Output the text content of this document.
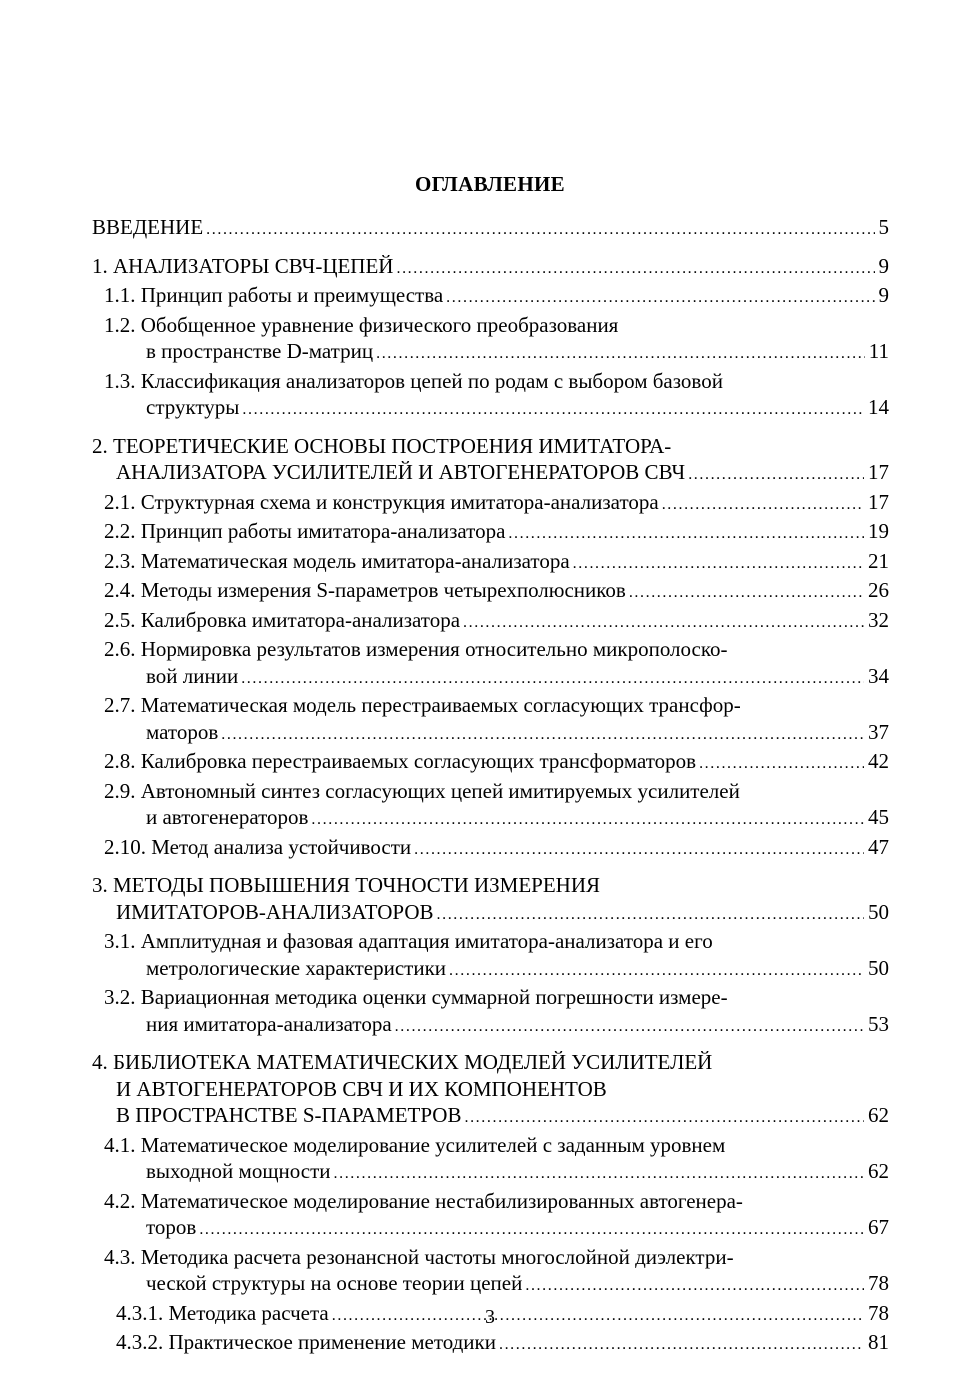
ОГЛАВЛЕНИЕ
ВВЕДЕНИЕ .....	5
1. АНАЛИЗАТОРЫ СВЧ-ЦЕПЕЙ .....	9
1.1. Принцип работы и преимущества .....	9
1.2. Обобщенное уравнение физического преобразования
в пространстве D-матриц .....	11
1.3. Классификация анализаторов цепей по родам с выбором базовой
структуры .....	14
2. ТЕОРЕТИЧЕСКИЕ ОСНОВЫ ПОСТРОЕНИЯ ИМИТАТОРА-
АНАЛИЗАТОРА УСИЛИТЕЛЕЙ И АВТОГЕНЕРАТОРОВ СВЧ .....	17
2.1. Структурная схема и конструкция имитатора-анализатора .....	17
2.2. Принцип работы имитатора-анализатора .....	19
2.3. Математическая модель имитатора-анализатора .....	21
2.4. Методы измерения S-параметров четырехполюсников .....	26
2.5. Калибровка имитатора-анализатора .....	32
2.6. Нормировка результатов измерения относительно микрополоско-
вой линии .....	34
2.7. Математическая модель перестраиваемых согласующих трансфор-
маторов .....	37
2.8. Калибровка перестраиваемых согласующих трансформаторов .....	42
2.9. Автономный синтез согласующих цепей имитируемых усилителей
и автогенераторов .....	45
2.10. Метод анализа устойчивости .....	47
3. МЕТОДЫ ПОВЫШЕНИЯ ТОЧНОСТИ ИЗМЕРЕНИЯ
ИМИТАТОРОВ-АНАЛИЗАТОРОВ .....	50
3.1. Амплитудная и фазовая адаптация имитатора-анализатора и его
метрологические характеристики .....	50
3.2. Вариационная методика оценки суммарной погрешности измере-
ния имитатора-анализатора .....	53
4. БИБЛИОТЕКА МАТЕМАТИЧЕСКИХ МОДЕЛЕЙ УСИЛИТЕЛЕЙ
И АВТОГЕНЕРАТОРОВ СВЧ И ИХ КОМПОНЕНТОВ
В ПРОСТРАНСТВЕ S-ПАРАМЕТРОВ .....	62
4.1. Математическое моделирование усилителей с заданным уровнем
выходной мощности .....	62
4.2. Математическое моделирование нестабилизированных автогенера-
торов .....	67
4.3. Методика расчета резонансной частоты многослойной диэлектри-
ческой структуры на основе теории цепей .....	78
4.3.1. Методика расчета .....	78
4.3.2. Практическое применение методики .....	81
3
